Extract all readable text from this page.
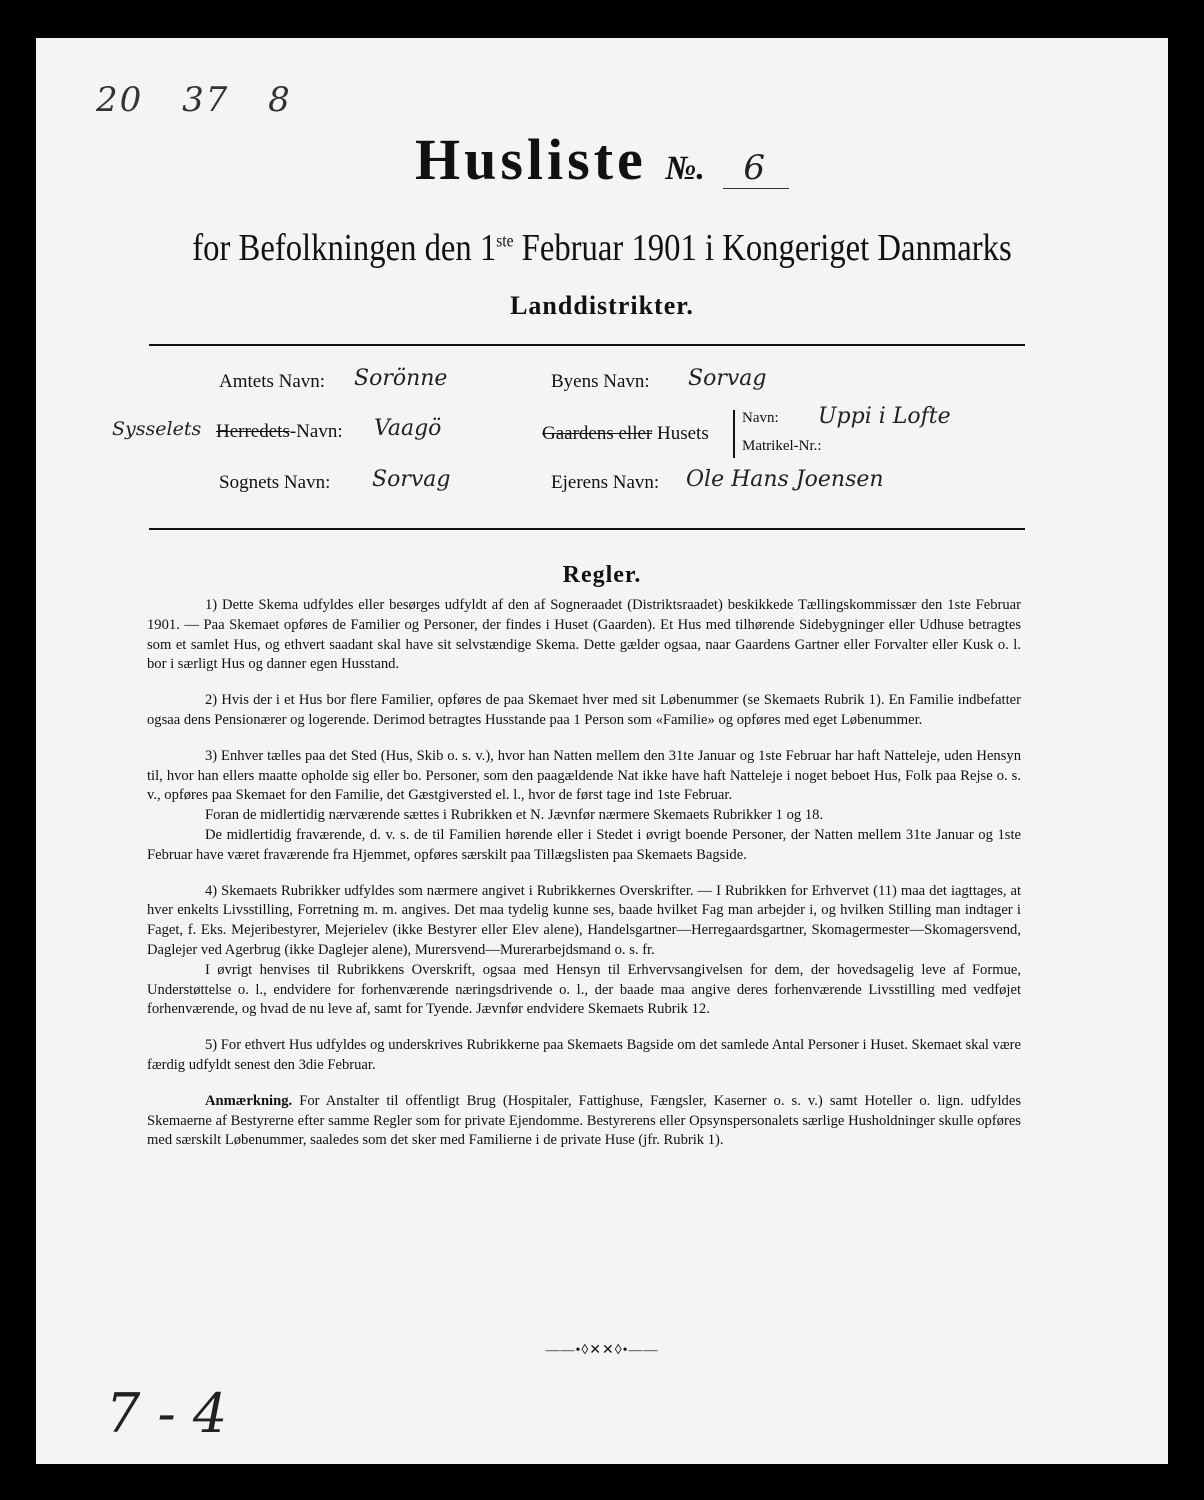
20 37 8
Husliste №. 6
for Befolkningen den 1ste Februar 1901 i Kongeriget Danmarks
Landdistrikter.
Amtets Navn: Sorönne	Byens Navn: Sorvag
Sysselets Herredets-Navn: Vaagö	Gaardens eller Husets
Navn: Uppi i Lofte
Matrikel-Nr.:
Sognets Navn: Sorvag	Ejerens Navn: Ole Hans Joensen
Regler.

1) Dette Skema udfyldes eller besørges udfyldt af den af Sogneraadet (Distriktsraadet) beskikkede Tællingskommissær den 1ste Februar 1901. — Paa Skemaet opføres de Familier og Personer, der findes i Huset (Gaarden). Et Hus med tilhørende Sidebygninger eller Udhuse betragtes som et samlet Hus, og ethvert saadant skal have sit selvstændige Skema. Dette gælder ogsaa, naar Gaardens Gartner eller Forvalter eller Kusk o. l. bor i særligt Hus og danner egen Husstand.

2) Hvis der i et Hus bor flere Familier, opføres de paa Skemaet hver med sit Løbenummer (se Skemaets Rubrik 1). En Familie indbefatter ogsaa dens Pensionærer og logerende. Derimod betragtes Husstande paa 1 Person som «Familie» og opføres med eget Løbenummer.

3) Enhver tælles paa det Sted (Hus, Skib o. s. v.), hvor han Natten mellem den 31te Januar og 1ste Februar har haft Natteleje, uden Hensyn til, hvor han ellers maatte opholde sig eller bo. Personer, som den paagældende Nat ikke have haft Natteleje i noget beboet Hus, Folk paa Rejse o. s. v., opføres paa Skemaet for den Familie, det Gæstgiversted el. l., hvor de først tage ind 1ste Februar.

Foran de midlertidig nærværende sættes i Rubrikken et N. Jævnfør nærmere Skemaets Rubrikker 1 og 18.

De midlertidig fraværende, d. v. s. de til Familien hørende eller i Stedet i øvrigt boende Personer, der Natten mellem 31te Januar og 1ste Februar have været fraværende fra Hjemmet, opføres særskilt paa Tillægslisten paa Skemaets Bagside.

4) Skemaets Rubrikker udfyldes som nærmere angivet i Rubrikkernes Overskrifter. — I Rubrikken for Erhvervet (11) maa det iagttages, at hver enkelts Livsstilling, Forretning m. m. angives. Det maa tydelig kunne ses, baade hvilket Fag man arbejder i, og hvilken Stilling man indtager i Faget, f. Eks. Mejeribestyrer, Mejerielev (ikke Bestyrer eller Elev alene), Handelsgartner—Herregaardsgartner, Skomagermester—Skomagersvend, Daglejer ved Agerbrug (ikke Daglejer alene), Murersvend—Murerarbejdsmand o. s. fr.

I øvrigt henvises til Rubrikkens Overskrift, ogsaa med Hensyn til Erhvervsangivelsen for dem, der hovedsagelig leve af Formue, Understøttelse o. l., endvidere for forhenværende næringsdrivende o. l., der baade maa angive deres forhenværende Livsstilling med vedføjet forhenværende, og hvad de nu leve af, samt for Tyende. Jævnfør endvidere Skemaets Rubrik 12.

5) For ethvert Hus udfyldes og underskrives Rubrikkerne paa Skemaets Bagside om det samlede Antal Personer i Huset. Skemaet skal være færdig udfyldt senest den 3die Februar.

Anmærkning. For Anstalter til offentligt Brug (Hospitaler, Fattighuse, Fængsler, Kaserner o. s. v.) samt Hoteller o. lign. udfyldes Skemaerne af Bestyrerne efter samme Regler som for private Ejendomme. Bestyrerens eller Opsynspersonalets særlige Husholdninger skulle opføres med særskilt Løbenummer, saaledes som det sker med Familierne i de private Huse (jfr. Rubrik 1).

——•◊✕✕◊•——
7 - 4
